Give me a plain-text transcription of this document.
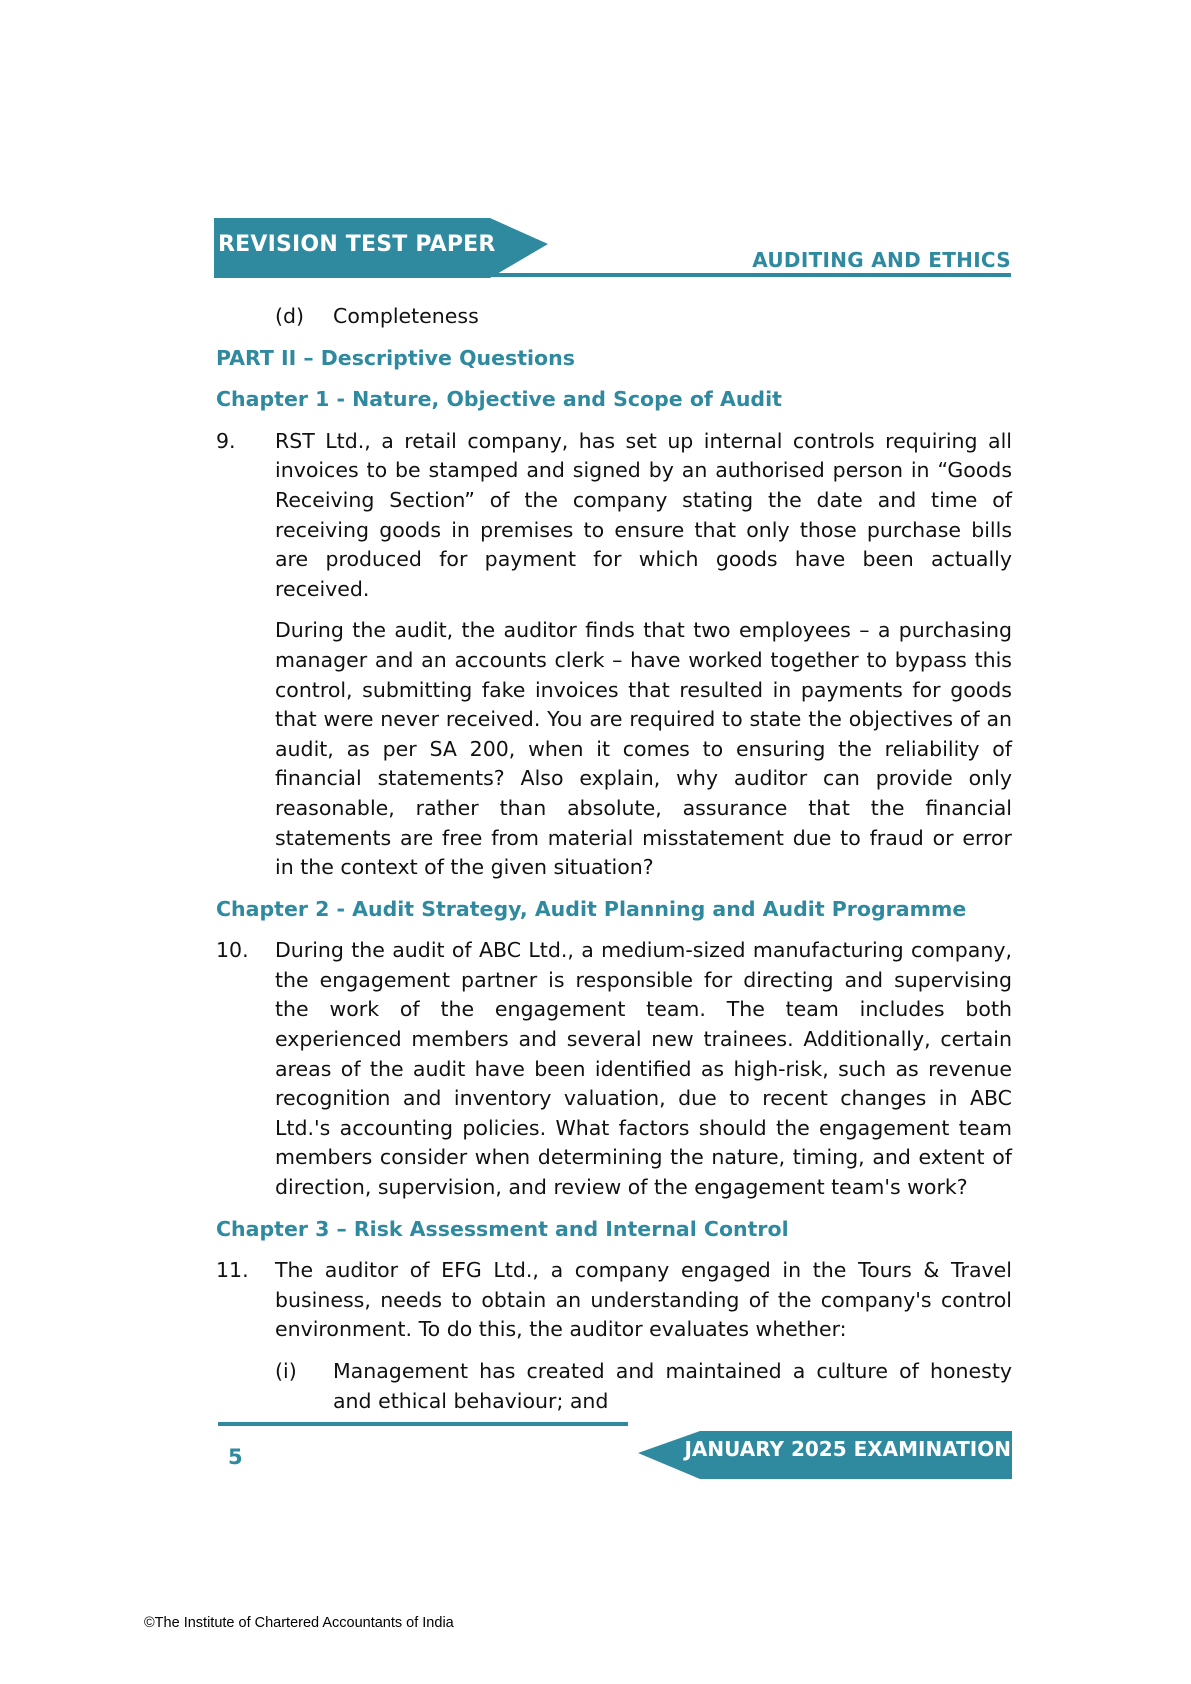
REVISION TEST PAPER
AUDITING AND ETHICS
(d)	Completeness
PART II – Descriptive Questions
Chapter 1 - Nature, Objective and Scope of Audit
9.	RST Ltd., a retail company, has set up internal controls requiring all invoices to be stamped and signed by an authorised person in “Goods Receiving Section” of the company stating the date and time of receiving goods in premises to ensure that only those purchase bills are produced for payment for which goods have been actually received.
During the audit, the auditor finds that two employees – a purchasing manager and an accounts clerk – have worked together to bypass this control, submitting fake invoices that resulted in payments for goods that were never received. You are required to state the objectives of an audit, as per SA 200, when it comes to ensuring the reliability of financial statements? Also explain, why auditor can provide only reasonable, rather than absolute, assurance that the financial statements are free from material misstatement due to fraud or error in the context of the given situation?
Chapter 2 - Audit Strategy, Audit Planning and Audit Programme
10.	During the audit of ABC Ltd., a medium-sized manufacturing company, the engagement partner is responsible for directing and supervising the work of the engagement team. The team includes both experienced members and several new trainees. Additionally, certain areas of the audit have been identified as high-risk, such as revenue recognition and inventory valuation, due to recent changes in ABC Ltd.'s accounting policies. What factors should the engagement team members consider when determining the nature, timing, and extent of direction, supervision, and review of the engagement team's work?
Chapter 3 – Risk Assessment and Internal Control
11.	The auditor of EFG Ltd., a company engaged in the Tours & Travel business, needs to obtain an understanding of the company's control environment. To do this, the auditor evaluates whether:
(i)	Management has created and maintained a culture of honesty and ethical behaviour; and
JANUARY 2025 EXAMINATION
5
©The Institute of Chartered Accountants of India
